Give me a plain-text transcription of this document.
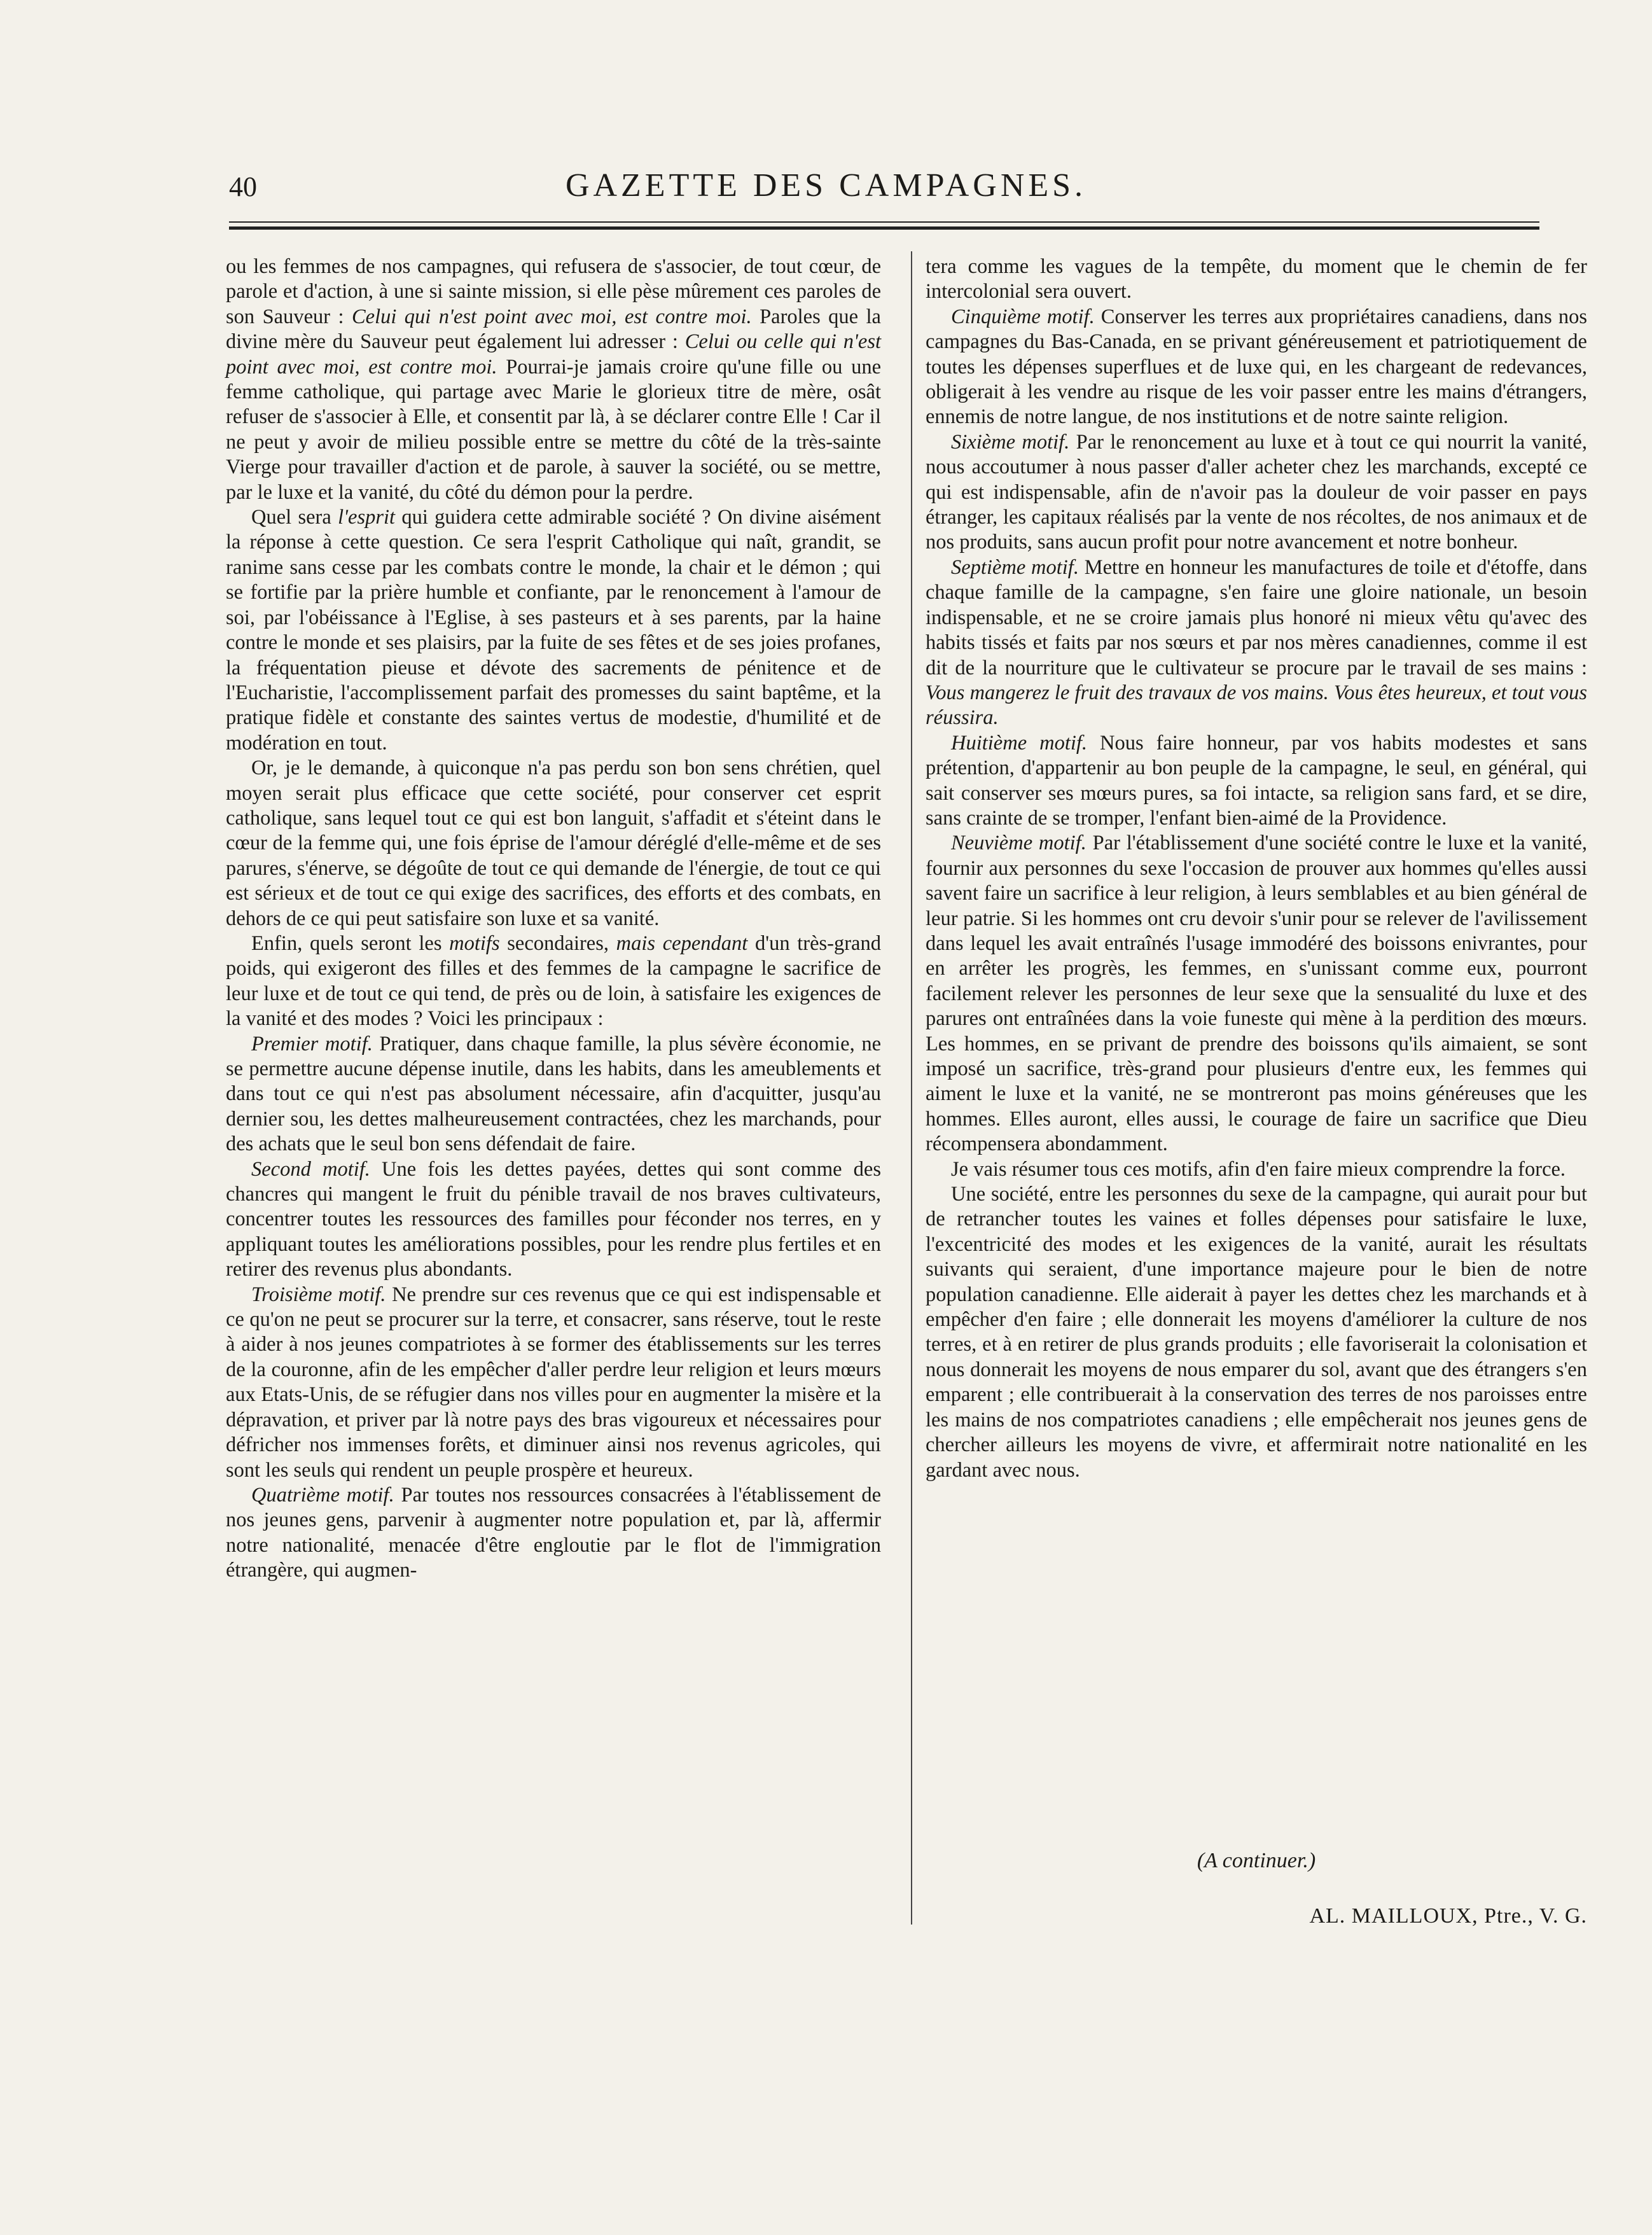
40	GAZETTE DES CAMPAGNES.

ou les femmes de nos campagnes, qui refusera de s'associer, de tout cœur, de parole et d'action, à une si sainte mission, si elle pèse mûrement ces paroles de son Sauveur : Celui qui n'est point avec moi, est contre moi. Paroles que la divine mère du Sauveur peut également lui adresser : Celui ou celle qui n'est point avec moi, est contre moi. Pourrai-je jamais croire qu'une fille ou une femme catholique, qui partage avec Marie le glorieux titre de mère, osât refuser de s'associer à Elle, et consentit par là, à se déclarer contre Elle ! Car il ne peut y avoir de milieu possible entre se mettre du côté de la très-sainte Vierge pour travailler d'action et de parole, à sauver la société, ou se mettre, par le luxe et la vanité, du côté du démon pour la perdre.

Quel sera l'esprit qui guidera cette admirable société ? On divine aisément la réponse à cette question. Ce sera l'esprit Catholique qui naît, grandit, se ranime sans cesse par les combats contre le monde, la chair et le démon ; qui se fortifie par la prière humble et confiante, par le renoncement à l'amour de soi, par l'obéissance à l'Eglise, à ses pasteurs et à ses parents, par la haine contre le monde et ses plaisirs, par la fuite de ses fêtes et de ses joies profanes, la fréquentation pieuse et dévote des sacrements de pénitence et de l'Eucharistie, l'accomplissement parfait des promesses du saint baptême, et la pratique fidèle et constante des saintes vertus de modestie, d'humilité et de modération en tout.

Or, je le demande, à quiconque n'a pas perdu son bon sens chrétien, quel moyen serait plus efficace que cette société, pour conserver cet esprit catholique, sans lequel tout ce qui est bon languit, s'affadit et s'éteint dans le cœur de la femme qui, une fois éprise de l'amour déréglé d'elle-même et de ses parures, s'énerve, se dégoûte de tout ce qui demande de l'énergie, de tout ce qui est sérieux et de tout ce qui exige des sacrifices, des efforts et des combats, en dehors de ce qui peut satisfaire son luxe et sa vanité.

Enfin, quels seront les motifs secondaires, mais cependant d'un très-grand poids, qui exigeront des filles et des femmes de la campagne le sacrifice de leur luxe et de tout ce qui tend, de près ou de loin, à satisfaire les exigences de la vanité et des modes ? Voici les principaux :

Premier motif. Pratiquer, dans chaque famille, la plus sévère économie, ne se permettre aucune dépense inutile, dans les habits, dans les ameublements et dans tout ce qui n'est pas absolument nécessaire, afin d'acquitter, jusqu'au dernier sou, les dettes malheureusement contractées, chez les marchands, pour des achats que le seul bon sens défendait de faire.

Second motif. Une fois les dettes payées, dettes qui sont comme des chancres qui mangent le fruit du pénible travail de nos braves cultivateurs, concentrer toutes les ressources des familles pour féconder nos terres, en y appliquant toutes les améliorations possibles, pour les rendre plus fertiles et en retirer des revenus plus abondants.

Troisième motif. Ne prendre sur ces revenus que ce qui est indispensable et ce qu'on ne peut se procurer sur la terre, et consacrer, sans réserve, tout le reste à aider à nos jeunes compatriotes à se former des établissements sur les terres de la couronne, afin de les empêcher d'aller perdre leur religion et leurs mœurs aux Etats-Unis, de se réfugier dans nos villes pour en augmenter la misère et la dépravation, et priver par là notre pays des bras vigoureux et nécessaires pour défricher nos immenses forêts, et diminuer ainsi nos revenus agricoles, qui sont les seuls qui rendent un peuple prospère et heureux.

Quatrième motif. Par toutes nos ressources consacrées à l'établissement de nos jeunes gens, parvenir à augmenter notre population et, par là, affermir notre nationalité, menacée d'être engloutie par le flot de l'immigration étrangère, qui augmen-

tera comme les vagues de la tempête, du moment que le chemin de fer intercolonial sera ouvert.

Cinquième motif. Conserver les terres aux propriétaires canadiens, dans nos campagnes du Bas-Canada, en se privant généreusement et patriotiquement de toutes les dépenses superflues et de luxe qui, en les chargeant de redevances, obligerait à les vendre au risque de les voir passer entre les mains d'étrangers, ennemis de notre langue, de nos institutions et de notre sainte religion.

Sixième motif. Par le renoncement au luxe et à tout ce qui nourrit la vanité, nous accoutumer à nous passer d'aller acheter chez les marchands, excepté ce qui est indispensable, afin de n'avoir pas la douleur de voir passer en pays étranger, les capitaux réalisés par la vente de nos récoltes, de nos animaux et de nos produits, sans aucun profit pour notre avancement et notre bonheur.

Septième motif. Mettre en honneur les manufactures de toile et d'étoffe, dans chaque famille de la campagne, s'en faire une gloire nationale, un besoin indispensable, et ne se croire jamais plus honoré ni mieux vêtu qu'avec des habits tissés et faits par nos sœurs et par nos mères canadiennes, comme il est dit de la nourriture que le cultivateur se procure par le travail de ses mains : Vous mangerez le fruit des travaux de vos mains. Vous êtes heureux, et tout vous réussira.

Huitième motif. Nous faire honneur, par vos habits modestes et sans prétention, d'appartenir au bon peuple de la campagne, le seul, en général, qui sait conserver ses mœurs pures, sa foi intacte, sa religion sans fard, et se dire, sans crainte de se tromper, l'enfant bien-aimé de la Providence.

Neuvième motif. Par l'établissement d'une société contre le luxe et la vanité, fournir aux personnes du sexe l'occasion de prouver aux hommes qu'elles aussi savent faire un sacrifice à leur religion, à leurs semblables et au bien général de leur patrie. Si les hommes ont cru devoir s'unir pour se relever de l'avilissement dans lequel les avait entraînés l'usage immodéré des boissons enivrantes, pour en arrêter les progrès, les femmes, en s'unissant comme eux, pourront facilement relever les personnes de leur sexe que la sensualité du luxe et des parures ont entraînées dans la voie funeste qui mène à la perdition des mœurs. Les hommes, en se privant de prendre des boissons qu'ils aimaient, se sont imposé un sacrifice, très-grand pour plusieurs d'entre eux, les femmes qui aiment le luxe et la vanité, ne se montreront pas moins généreuses que les hommes. Elles auront, elles aussi, le courage de faire un sacrifice que Dieu récompensera abondamment.

Je vais résumer tous ces motifs, afin d'en faire mieux comprendre la force.

Une société, entre les personnes du sexe de la campagne, qui aurait pour but de retrancher toutes les vaines et folles dépenses pour satisfaire le luxe, l'excentricité des modes et les exigences de la vanité, aurait les résultats suivants qui seraient, d'une importance majeure pour le bien de notre population canadienne. Elle aiderait à payer les dettes chez les marchands et à empêcher d'en faire ; elle donnerait les moyens d'améliorer la culture de nos terres, et à en retirer de plus grands produits ; elle favoriserait la colonisation et nous donnerait les moyens de nous emparer du sol, avant que des étrangers s'en emparent ; elle contribuerait à la conservation des terres de nos paroisses entre les mains de nos compatriotes canadiens ; elle empêcherait nos jeunes gens de chercher ailleurs les moyens de vivre, et affermirait notre nationalité en les gardant avec nous.

(A continuer.)
AL. MAILLOUX, Ptre., V. G.
